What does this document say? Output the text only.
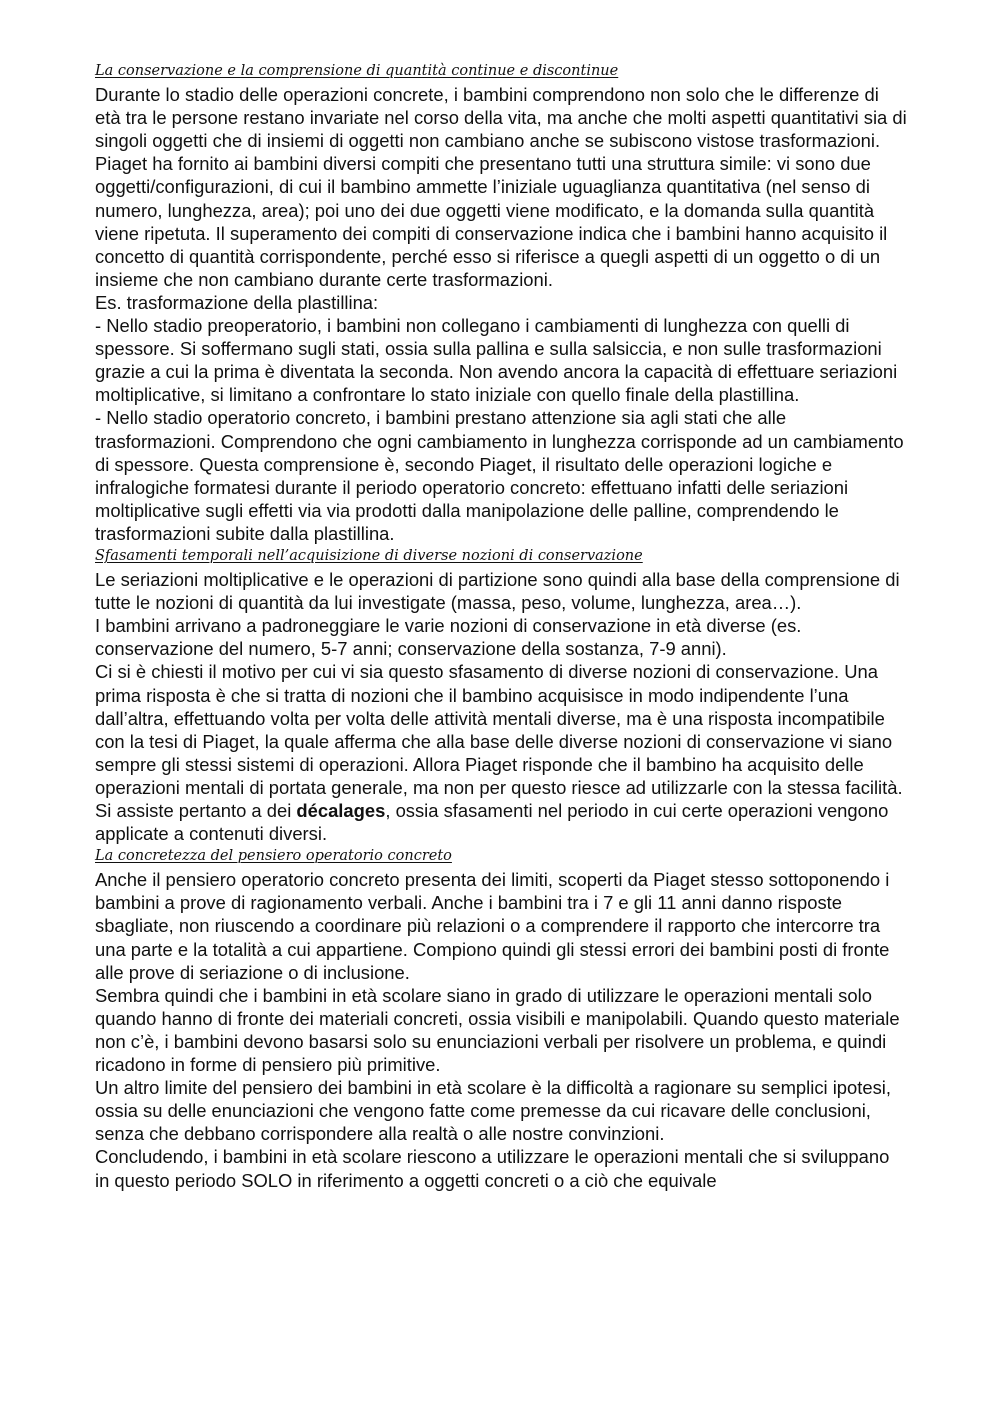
La conservazione e la comprensione di quantità continue e discontinue

Durante lo stadio delle operazioni concrete, i bambini comprendono non solo che le differenze di età tra le persone restano invariate nel corso della vita, ma anche che molti aspetti quantitativi sia di singoli oggetti che di insiemi di oggetti non cambiano anche se subiscono vistose trasformazioni.

Piaget ha fornito ai bambini diversi compiti che presentano tutti una struttura simile: vi sono due oggetti/configurazioni, di cui il bambino ammette l’iniziale uguaglianza quantitativa (nel senso di numero, lunghezza, area); poi uno dei due oggetti viene modificato, e la domanda sulla quantità viene ripetuta. Il superamento dei compiti di conservazione indica che i bambini hanno acquisito il concetto di quantità corrispondente, perché esso si riferisce a quegli aspetti di un oggetto o di un insieme che non cambiano durante certe trasformazioni.

Es. trasformazione della plastillina:

- Nello stadio preoperatorio, i bambini non collegano i cambiamenti di lunghezza con quelli di spessore. Si soffermano sugli stati, ossia sulla pallina e sulla salsiccia, e non sulle trasformazioni grazie a cui la prima è diventata la seconda. Non avendo ancora la capacità di effettuare seriazioni moltiplicative, si limitano a confrontare lo stato iniziale con quello finale della plastillina.

- Nello stadio operatorio concreto, i bambini prestano attenzione sia agli stati che alle trasformazioni. Comprendono che ogni cambiamento in lunghezza corrisponde ad un cambiamento di spessore. Questa comprensione è, secondo Piaget, il risultato delle operazioni logiche e infralogiche formatesi durante il periodo operatorio concreto: effettuano infatti delle seriazioni moltiplicative sugli effetti via via prodotti dalla manipolazione delle palline, comprendendo le trasformazioni subite dalla plastillina.

Sfasamenti temporali nell’acquisizione di diverse nozioni di conservazione

Le seriazioni moltiplicative e le operazioni di partizione sono quindi alla base della comprensione di tutte le nozioni di quantità da lui investigate (massa, peso, volume, lunghezza, area…).

I bambini arrivano a padroneggiare le varie nozioni di conservazione in età diverse (es. conservazione del numero, 5-7 anni; conservazione della sostanza, 7-9 anni).

Ci si è chiesti il motivo per cui vi sia questo sfasamento di diverse nozioni di conservazione. Una prima risposta è che si tratta di nozioni che il bambino acquisisce in modo indipendente l’una dall’altra, effettuando volta per volta delle attività mentali diverse, ma è una risposta incompatibile con la tesi di Piaget, la quale afferma che alla base delle diverse nozioni di conservazione vi siano sempre gli stessi sistemi di operazioni. Allora Piaget risponde che il bambino ha acquisito delle operazioni mentali di portata generale, ma non per questo riesce ad utilizzarle con la stessa facilità. Si assiste pertanto a dei décalages, ossia sfasamenti nel periodo in cui certe operazioni vengono applicate a contenuti diversi.

La concretezza del pensiero operatorio concreto

Anche il pensiero operatorio concreto presenta dei limiti, scoperti da Piaget stesso sottoponendo i bambini a prove di ragionamento verbali. Anche i bambini tra i 7 e gli 11 anni danno risposte sbagliate, non riuscendo a coordinare più relazioni o a comprendere il rapporto che intercorre tra una parte e la totalità a cui appartiene. Compiono quindi gli stessi errori dei bambini posti di fronte alle prove di seriazione o di inclusione.

Sembra quindi che i bambini in età scolare siano in grado di utilizzare le operazioni mentali solo quando hanno di fronte dei materiali concreti, ossia visibili e manipolabili. Quando questo materiale non c’è, i bambini devono basarsi solo su enunciazioni verbali per risolvere un problema, e quindi ricadono in forme di pensiero più primitive.

Un altro limite del pensiero dei bambini in età scolare è la difficoltà a ragionare su semplici ipotesi, ossia su delle enunciazioni che vengono fatte come premesse da cui ricavare delle conclusioni, senza che debbano corrispondere alla realtà o alle nostre convinzioni.

Concludendo, i bambini in età scolare riescono a utilizzare le operazioni mentali che si sviluppano in questo periodo SOLO in riferimento a oggetti concreti o a ciò che equivale
